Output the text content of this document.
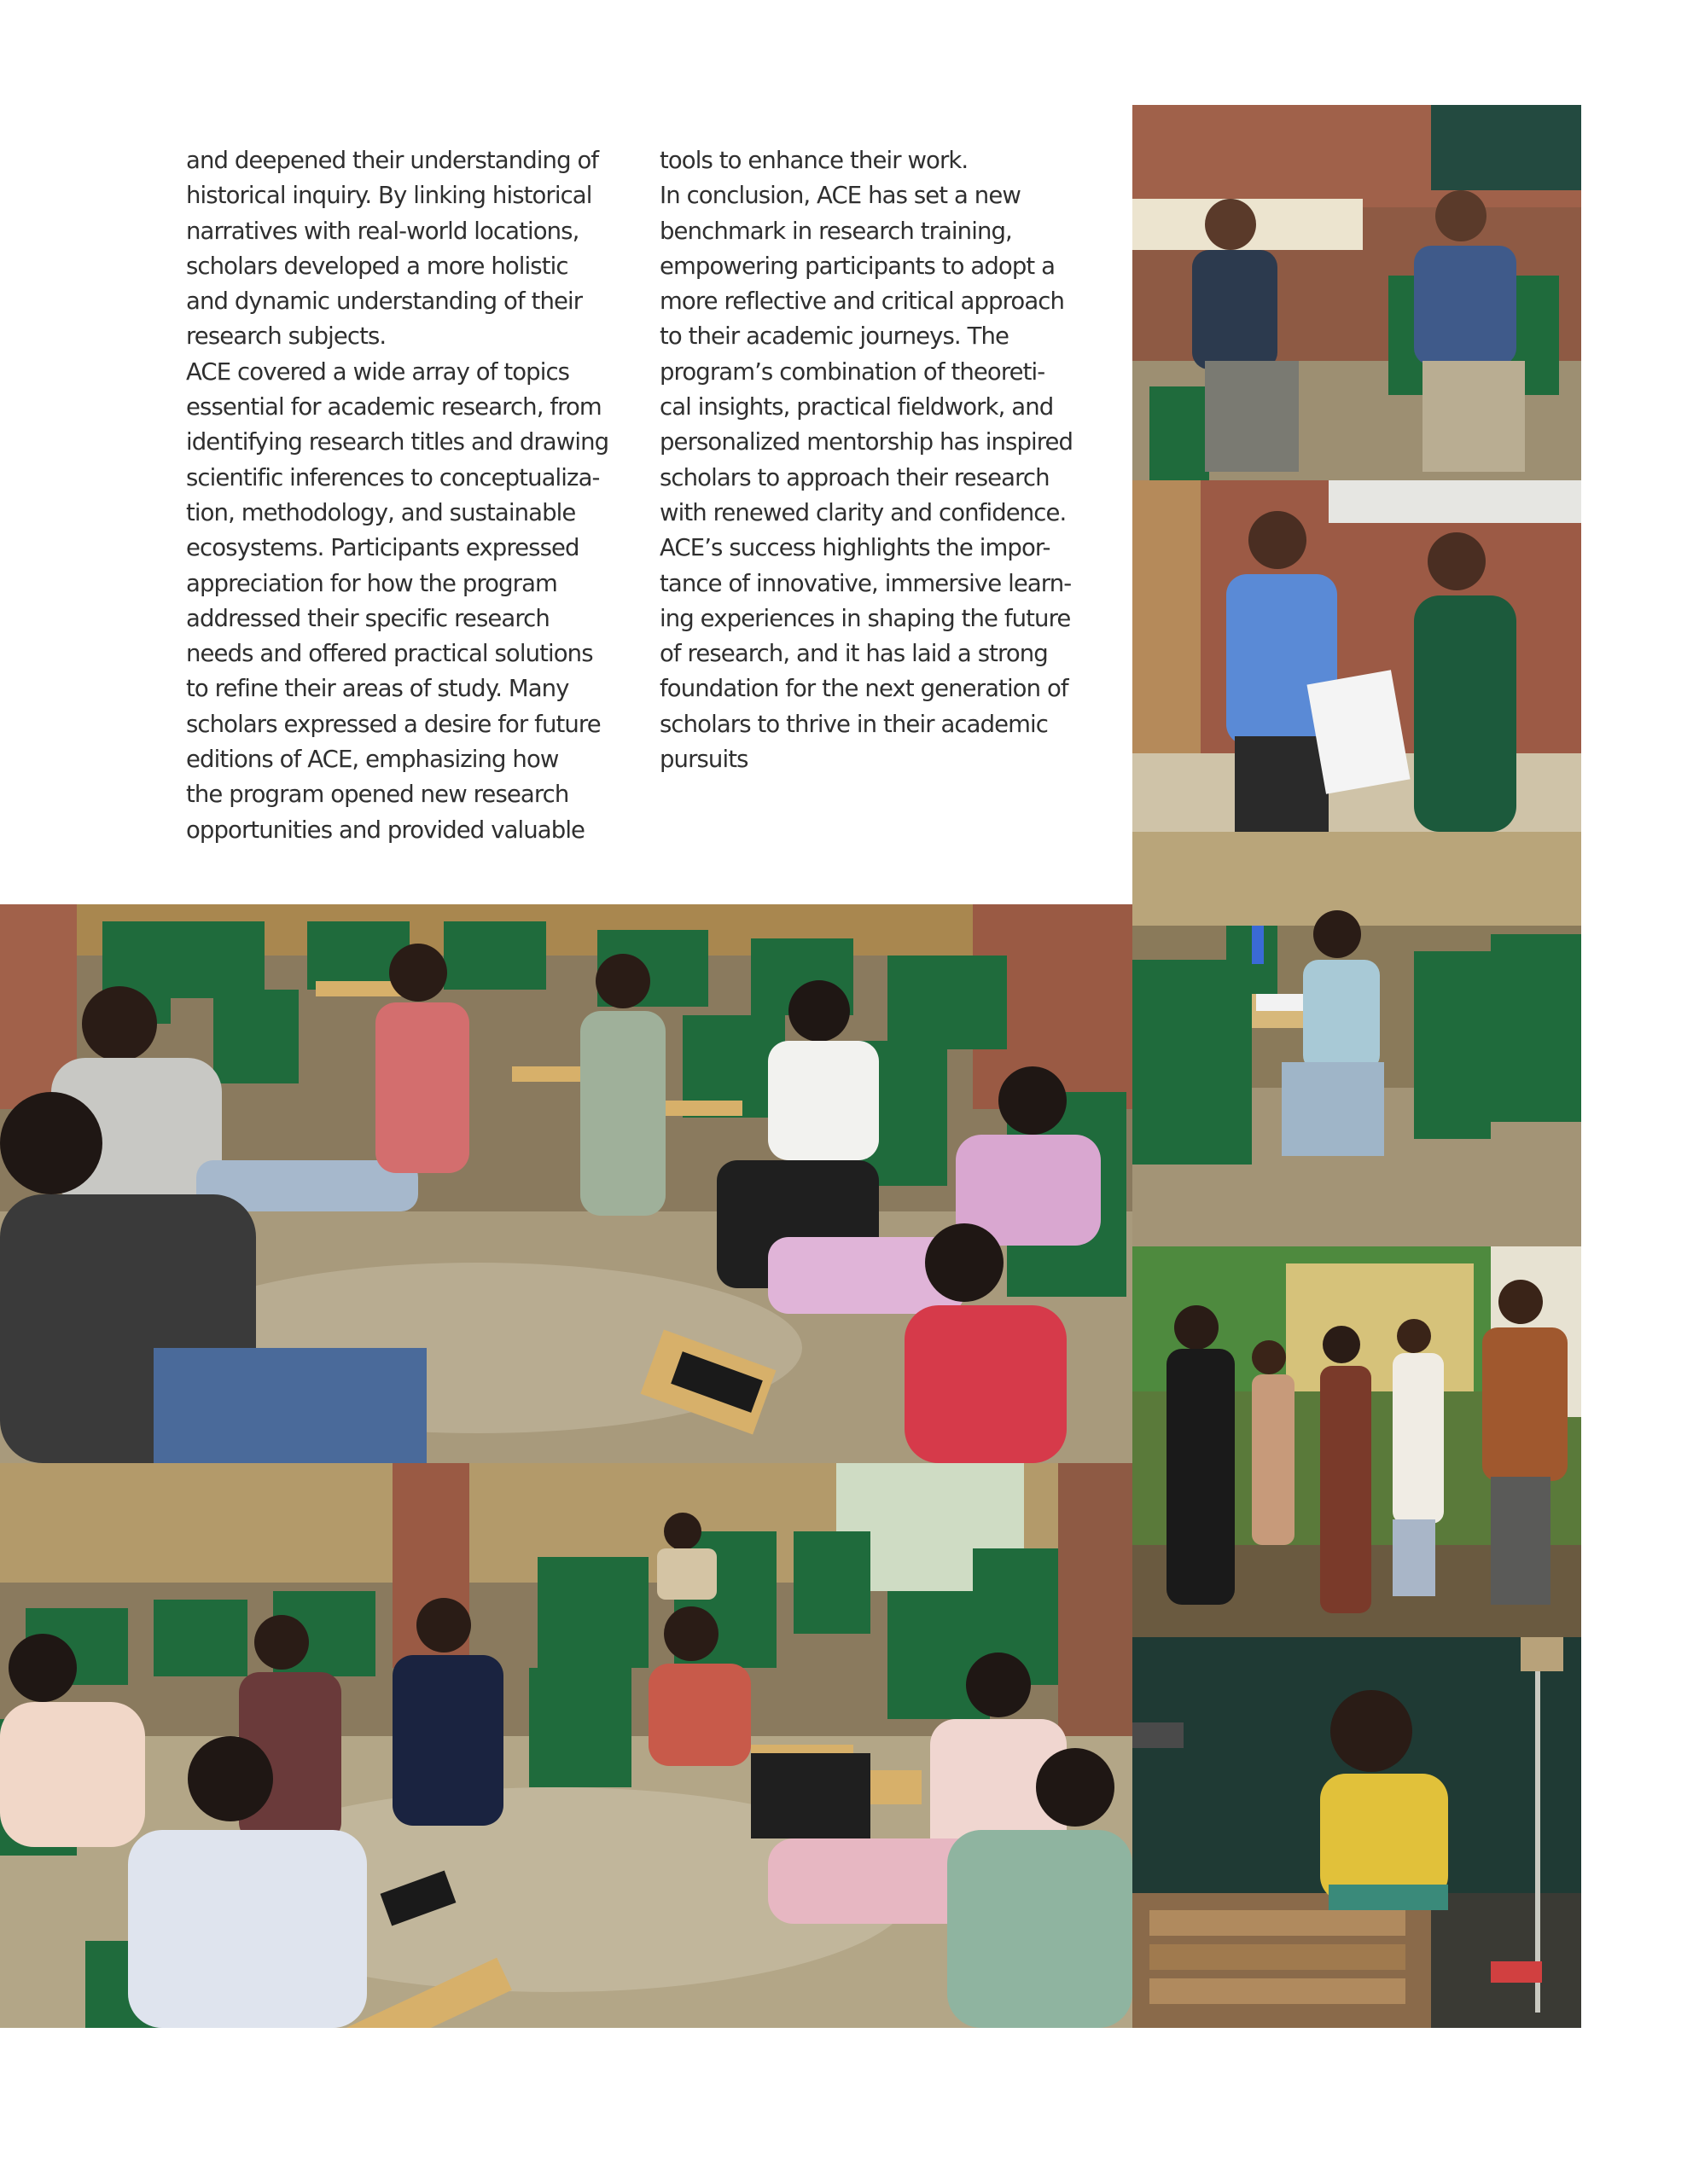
and deepened their understanding of
historical inquiry. By linking historical
narratives with real-world locations,
scholars developed a more holistic
and dynamic understanding of their
research subjects.
ACE covered a wide array of topics
essential for academic research, from
identifying research titles and drawing
scientific inferences to conceptualiza-
tion, methodology, and sustainable
ecosystems. Participants expressed
appreciation for how the program
addressed their specific research
needs and offered practical solutions
to refine their areas of study. Many
scholars expressed a desire for future
editions of ACE, emphasizing how
the program opened new research
opportunities and provided valuable
tools to enhance their work.
In conclusion, ACE has set a new
benchmark in research training,
empowering participants to adopt a
more reflective and critical approach
to their academic journeys. The
program’s combination of theoreti-
cal insights, practical fieldwork, and
personalized mentorship has inspired
scholars to approach their research
with renewed clarity and confidence.
ACE’s success highlights the impor-
tance of innovative, immersive learn-
ing experiences in shaping the future
of research, and it has laid a strong
foundation for the next generation of
scholars to thrive in their academic
pursuits
